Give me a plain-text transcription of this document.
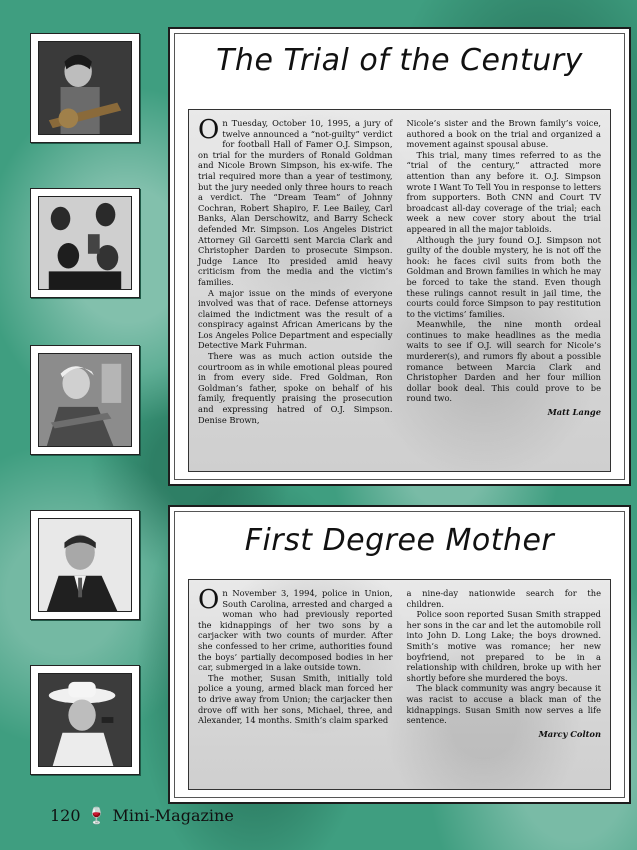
The Trial of the Century

On Tuesday, October 10, 1995, a jury of twelve announced a “not-guilty” verdict for football Hall of Famer O.J. Simpson, on trial for the murders of Ronald Goldman and Nicole Brown Simpson, his ex-wife. The trial required more than a year of testimony, but the jury needed only three hours to reach a verdict. The “Dream Team” of Johnny Cochran, Robert Shapiro, F. Lee Bailey, Carl Banks, Alan Derschowitz, and Barry Scheck defended Mr. Simpson. Los Angeles District Attorney Gil Garcetti sent Marcia Clark and Christopher Darden to prosecute Simpson. Judge Lance Ito presided amid heavy criticism from the media and the victim’s families.

A major issue on the minds of everyone involved was that of race. Defense attorneys claimed the indictment was the result of a conspiracy against African Americans by the Los Angeles Police Department and especially Detective Mark Fuhrman.

There was as much action outside the courtroom as in while emotional pleas poured in from every side. Fred Goldman, Ron Goldman’s father, spoke on behalf of his family, frequently praising the prosecution and expressing hatred of O.J. Simpson. Denise Brown,

Nicole’s sister and the Brown family’s voice, authored a book on the trial and organized a movement against spousal abuse.

This trial, many times referred to as the “trial of the century,” attracted more attention than any before it. O.J. Simpson wrote I Want To Tell You in response to letters from supporters. Both CNN and Court TV broadcast all-day coverage of the trial; each week a new cover story about the trial appeared in all the major tabloids.

Although the jury found O.J. Simpson not guilty of the double mystery, he is not off the hook: he faces civil suits from both the Goldman and Brown families in which he may be forced to take the stand. Even though these rulings cannot result in jail time, the courts could force Simpson to pay restitution to the victims’ families.

Meanwhile, the nine month ordeal continues to make headlines as the media waits to see if O.J. will search for Nicole’s murderer(s), and rumors fly about a possible romance between Marcia Clark and Christopher Darden and her four million dollar book deal. This could prove to be round two.

Matt Lange
First Degree Mother

On November 3, 1994, police in Union, South Carolina, arrested and charged a woman who had previously reported the kidnappings of her two sons by a carjacker with two counts of murder. After she confessed to her crime, authorities found the boys’ partially decomposed bodies in her car, submerged in a lake outside town.

The mother, Susan Smith, initially told police a young, armed black man forced her to drive away from Union; the carjacker then drove off with her sons, Michael, three, and Alexander, 14 months. Smith’s claim sparked

a nine-day nationwide search for the children.

Police soon reported Susan Smith strapped her sons in the car and let the automobile roll into John D. Long Lake; the boys drowned. Smith’s motive was romance; her new boyfriend, not prepared to be in a relationship with children, broke up with her shortly before she murdered the boys.

The black community was angry because it was racist to accuse a black man of the kidnappings. Susan Smith now serves a life sentence.

Marcy Colton
120 🍷 Mini-Magazine
